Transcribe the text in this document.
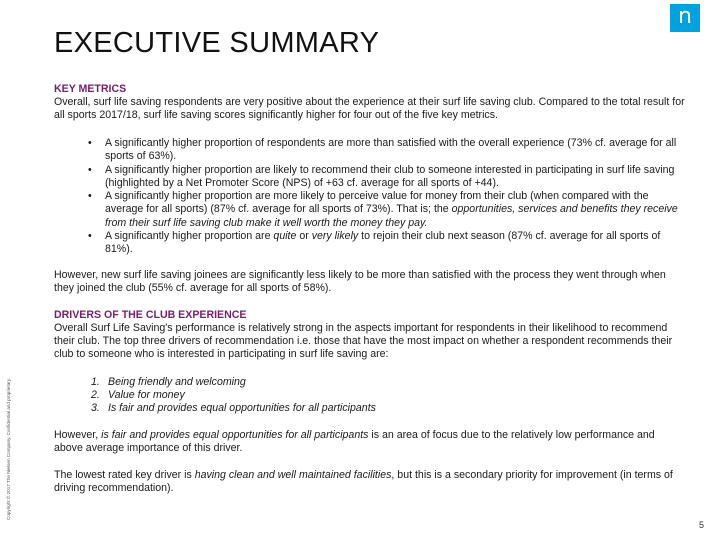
n
EXECUTIVE SUMMARY
KEY METRICS
Overall, surf life saving respondents are very positive about the experience at their surf life saving club. Compared to the total result for all sports 2017/18, surf life saving scores significantly higher for four out of the five key metrics.
• A significantly higher proportion of respondents are more than satisfied with the overall experience (73% cf. average for all sports of 63%).
• A significantly higher proportion are likely to recommend their club to someone interested in participating in surf life saving (highlighted by a Net Promoter Score (NPS) of +63 cf. average for all sports of +44).
• A significantly higher proportion are more likely to perceive value for money from their club (when compared with the average for all sports) (87% cf. average for all sports of 73%). That is; the opportunities, services and benefits they receive from their surf life saving club make it well worth the money they pay.
• A significantly higher proportion are quite or very likely to rejoin their club next season (87% cf. average for all sports of 81%).
However, new surf life saving joinees are significantly less likely to be more than satisfied with the process they went through when they joined the club (55% cf. average for all sports of 58%).
DRIVERS OF THE CLUB EXPERIENCE
Overall Surf Life Saving's performance is relatively strong in the aspects important for respondents in their likelihood to recommend their club. The top three drivers of recommendation i.e. those that have the most impact on whether a respondent recommends their club to someone who is interested in participating in surf life saving are:
1. Being friendly and welcoming
2. Value for money
3. Is fair and provides equal opportunities for all participants
However, is fair and provides equal opportunities for all participants is an area of focus due to the relatively low performance and above average importance of this driver.
The lowest rated key driver is having clean and well maintained facilities, but this is a secondary priority for improvement (in terms of driving recommendation).
Copyright © 2017 The Nielsen Company. Confidential and proprietary.
5
